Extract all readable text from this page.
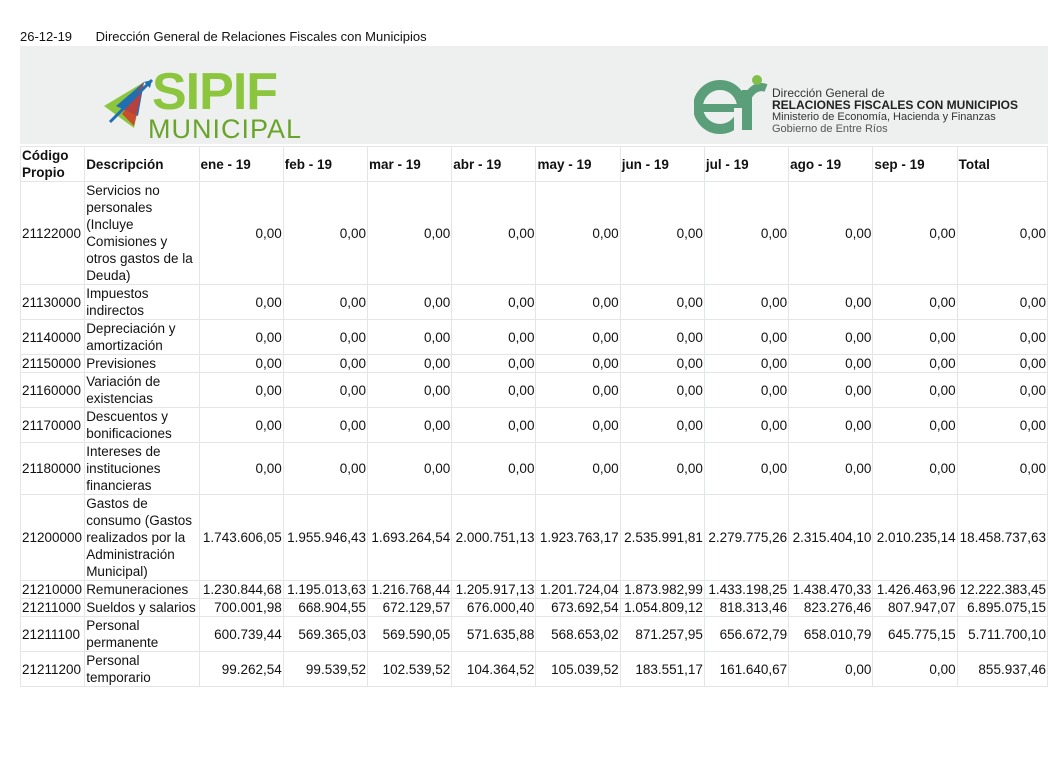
26-12-19 Dirección General de Relaciones Fiscales con Municipios
SIPIF
MUNICIPAL
Dirección General de
RELACIONES FISCALES CON MUNICIPIOS
Ministerio de Economía, Hacienda y Finanzas
Gobierno de Entre Ríos
Código Propio	Descripción	ene - 19	feb - 19	mar - 19	abr - 19	may - 19	jun - 19	jul - 19	ago - 19	sep - 19	Total
21122000	Servicios no personales (Incluye Comisiones y otros gastos de la Deuda)	0,00	0,00	0,00	0,00	0,00	0,00	0,00	0,00	0,00	0,00
21130000	Impuestos indirectos	0,00	0,00	0,00	0,00	0,00	0,00	0,00	0,00	0,00	0,00
21140000	Depreciación y amortización	0,00	0,00	0,00	0,00	0,00	0,00	0,00	0,00	0,00	0,00
21150000	Previsiones	0,00	0,00	0,00	0,00	0,00	0,00	0,00	0,00	0,00	0,00
21160000	Variación de existencias	0,00	0,00	0,00	0,00	0,00	0,00	0,00	0,00	0,00	0,00
21170000	Descuentos y bonificaciones	0,00	0,00	0,00	0,00	0,00	0,00	0,00	0,00	0,00	0,00
21180000	Intereses de instituciones financieras	0,00	0,00	0,00	0,00	0,00	0,00	0,00	0,00	0,00	0,00
21200000	Gastos de consumo (Gastos realizados por la Administración Municipal)	1.743.606,05	1.955.946,43	1.693.264,54	2.000.751,13	1.923.763,17	2.535.991,81	2.279.775,26	2.315.404,10	2.010.235,14	18.458.737,63
21210000	Remuneraciones	1.230.844,68	1.195.013,63	1.216.768,44	1.205.917,13	1.201.724,04	1.873.982,99	1.433.198,25	1.438.470,33	1.426.463,96	12.222.383,45
21211000	Sueldos y salarios	700.001,98	668.904,55	672.129,57	676.000,40	673.692,54	1.054.809,12	818.313,46	823.276,46	807.947,07	6.895.075,15
21211100	Personal permanente	600.739,44	569.365,03	569.590,05	571.635,88	568.653,02	871.257,95	656.672,79	658.010,79	645.775,15	5.711.700,10
21211200	Personal temporario	99.262,54	99.539,52	102.539,52	104.364,52	105.039,52	183.551,17	161.640,67	0,00	0,00	855.937,46
